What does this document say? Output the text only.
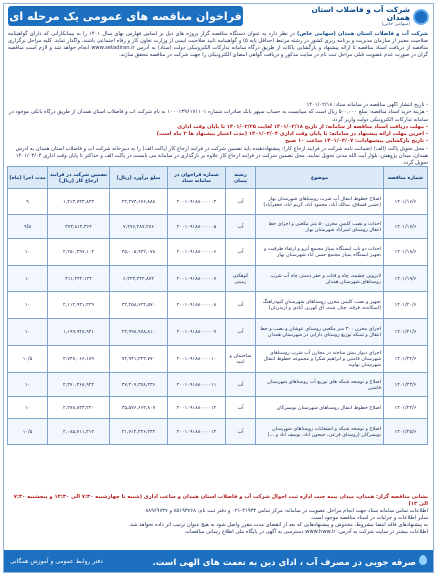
فراخوان مناقصه های عمومی یک مرحله ای	شرکت آب و فاضلاب استان همدان
(سهامی خاص)
شرکت آب و فاضلاب استان همدان (سهامی خاص) در نظر دارد به عنوان دستگاه مناقصه گزار پروژه های ذیل بر اساس فهارس بهای سال ۱۴۰۱ را به پیمانکارانی که دارای گواهینامه صلاحیت معتبر از سازمان مدیریت و برنامه ریزی کشور در رشته مرتبط (حداقل پایه ۵) و گواهینامه تایید صلاحیت ایمنی از وزارت تعاون کار و رفاه اجتماعی باشند، واگذار نماید. کلیه مراحل برگزاری مناقصه از دریافت اسناد مناقصه تا ارائه پیشنهاد و بازگشایی پاکات از طریق درگاه سامانه تدارکات الکترونیکی دولت (ستاد) به آدرس www.setadiran.ir انجام خواهد شد و لازم است مناقصه گران در صورت عدم عضویت قبلی مراحل ثبت نام در سایت مذکور و دریافت گواهی امضای الکترونیکی را جهت شرکت در مناقصه محقق سازند.
- تاریخ انتشار آگهی مناقصه در سامانه ستاد: ۱۴۰۱/۰۲/۱۸
- هزینه خرید اسناد مناقصه: مبلغ ۵۰۰,۰۰۰ ریال است که میبایست به حساب سپهر بانک صادرات شماره ۱۰۰۰۱۳۹۶۱۷۱۱۰۱ به نام شرکت آب و فاضلاب استان همدان از طریق درگاه بانکی موجود در سامانه تدارکات الکترونیکی دولت واریز گردد.
- مهلت دریافت اسناد مناقصه از سامانه: از تاریخ ۱۴۰۱/۰۲/۱۸ لغایت ۱۴۰۱/۰۲/۲۵ تا پایان وقت اداری
- آخرین مهلت ارائه پیشنهاد در سامانه: تا پایان وقت اداری ۱۴۰۱/۰۳/۰۴ (مدت اعتبار پیشنهاد ها ۳ ماه است)
- تاریخ بازگشایی پیشنهادات: ۱۴۰۱/۰۳/۰۷ ساعت ۱۰ صبح
- محل تحویل پاکت (الف) (ضمانت نامه شرکت در فرایند ارجاع کار): پیشنهاددهنده باید تضمین شرکت در فرایند ارجاع کار (پاکت الف) را به دبیرخانه شرکت آب و فاضلاب استان همدان به آدرس همدان، میدان پژوهش، بلوار آیت الله مدنی تحویل نمایند. محل تضمین شرکت در فرایند ارجاع کار علاوه بر بارگذاری در سامانه می بایست در پاکت الف و حداکثر تا پایان وقت اداری ۱۴۰۱/۰۳/۰۴ تحویل گردد.
شماره مناقصه	موضوع	رشته پیمان	شماره فراخوان در سامانه ستاد	مبلغ برآورد (ریال)	تضمین شرکت در فرایند ارجاع کار (ریال)	مدت اجرا (ماه)
۱۴۰۱/۱۶/۶	اصلاح خطوط انتقال آب شرب روستاهای شهرستان بهار (حسن قشلاق، سالک آباد، محمود آباد، کریم آباد، جعفرآباد)	آب	۲۰۰۱۰۹۱۸۸۰۰۰۰۰۴	۲۴,۲۷۴,۶۷۶,۸۸۸	۱,۲۱۳,۷۳۳,۸۴۴	۹
۱۴۰۱/۱۷/۶	احداث و نصب کلیس مخزن ۵۰ متر مکعبی و اجرای خط انتقال روستای امیرآباد شهرستان بهار	آب	۲۰۰۱۰۹۱۸۸۰۰۰۰۰۵	۷,۴۷۶,۲۸۷,۲۸۶	۳۷۳,۸۱۴,۳۶۴	۹/۵
۱۴۰۱/۱۸/۶	احداث دو باب ایستگاه پمپاژ مجتمع آبرو و ارتقاء ظرفیت و تجهیز ایستگاه پمپاژ مجتمع حسن آباد شهرستان بهار	آب	۲۰۰۱۰۹۱۸۸۰۰۰۰۰۶	۴۵,۰۰۵,۹۴۲,۰۷۸	۲,۲۵۰,۲۹۷,۱۰۴	۱۰
۱۴۰۱/۱۹/۶	لایروبی چشمه، چاه و قنات و حفر دستی چاه آب شرب روستاهای شهرستان همدان	کوهکنی زمینی	۲۰۰۱۰۹۱۸۸۰۰۰۰۰۷	۶,۲۲۴,۴۴۲,۸۷۲	۳۱۱,۲۲۲,۱۴۴	۱۰
۱۴۰۱/۲۰/۶	تجهیز و نصب کلیس مخزن روستاهای شهرستان کبودراهنگ (اسکانده، فرقه، چنار، شنه، آق کهریز، آبادی و آزندریان)	آب	۲۰۰۱۰۹۱۸۸۰۰۰۰۰۸	۴۲,۲۵۸,۶۲۴,۵۷۰	۲,۱۱۲,۹۳۱,۲۲۹	۱۰
۱۴۰۱/۲۱/۶	اجرای مخزن ۳۰۰ متر مکعبی روستای عوشان و نصب و خط انتقال و شبکه توزیع روستای دارابی در شهرستان همدان	آب	۲۰۰۱۰۹۱۸۸۰۰۰۰۰۹	۲۳,۹۹۸,۹۷۸,۸۱۰	۱,۱۹۹,۹۴۸,۹۴۱	۱۰
۱۴۰۱/۲۲/۶	اجرای دیوار پیش ساخته در مخازن آب شرب روستاهای شهرستان فامنین و ابراهیم شکرا و مجموعه خطوط انتقال شهرستان نهاوند	ساختمان و ابنیه	۲۰۰۱۰۹۱۸۸۰۰۰۰۱۰	۷۴,۹۴۱,۳۲۳,۷۷۰	۳,۷۴۷,۰۶۶,۱۸۹	۱۰/۵
۱۴۰۱/۲۳/۶	اصلاح و توسعه شبکه های توزیع آب روستاهای شهرستان فامنین	آب	۲۰۰۱۰۹۱۸۸۰۰۰۰۱۱	۴۷,۴۰۷,۳۷۸,۴۳۶	۲,۳۷۰,۳۶۸,۹۲۲	۱۰
۱۴۰۱/۲۴/۶	اصلاح خطوط انتقال روستاهای شهرستان تویسرکان	آب	۲۰۰۱۰۹۱۸۸۰۰۰۰۱۲	۴۵,۵۷۶,۶۶۴,۸۰۷	۲,۲۷۸,۸۳۳,۲۴۰	۱۰
۱۴۰۱/۲۵/۶	اصلاح و توسعه شبکه و انشعابات روستاهای شهرستان تویسرکان (روستای فرعی، جیحون آباد، یوسف آباد و ...)	آب	۲۰۰۱۰۹۱۸۸۰۰۰۰۱۳	۴۱,۷۱۴,۲۲۶,۲۴۲	۲,۰۸۵,۷۱۱,۳۱۲	۱۰/۵
نشانی مناقصه گزار: همدان، میدان بیمه جنب اداره ثبت احوال شرکت آب و فاضلاب استان همدان و ساعت اداری (شنبه تا چهارشنبه ۷:۳۰ الی ۱۴:۳۰ و پنجشنبه ۷:۳۰ الی ۱۳)
اطلاعات تماس سامانه ستاد جهت انجام مراحل عضویت در سامانه: مرکز تماس ۴۱۹۳۴-۰۲۱ و دفتر ثبت نام: ۸۵۱۹۳۷۶۸ و ۸۸۹۶۹۷۳۷
سایر اطلاعات و جزئیات در اسناد مناقصه موجود است.
به پیشنهادهای فاقد امضا مشروط، مخدوش و پیشنهادهایی که بعد از انقضای مدت مقرر واصل شود به هیچ عنوان ترتیب اثر داده نخواهد شد.
اطلاعات بیشتر در سایت شرکت به آدرس: www.hww.ir دسترسی به آگهی در پایگاه ملی اطلاع رسانی مناقصات
صرفه جویی در مصرف آب ، ادای دین به نعمت های الهی است.
دفتر روابط عمومی و آموزش همگانی
